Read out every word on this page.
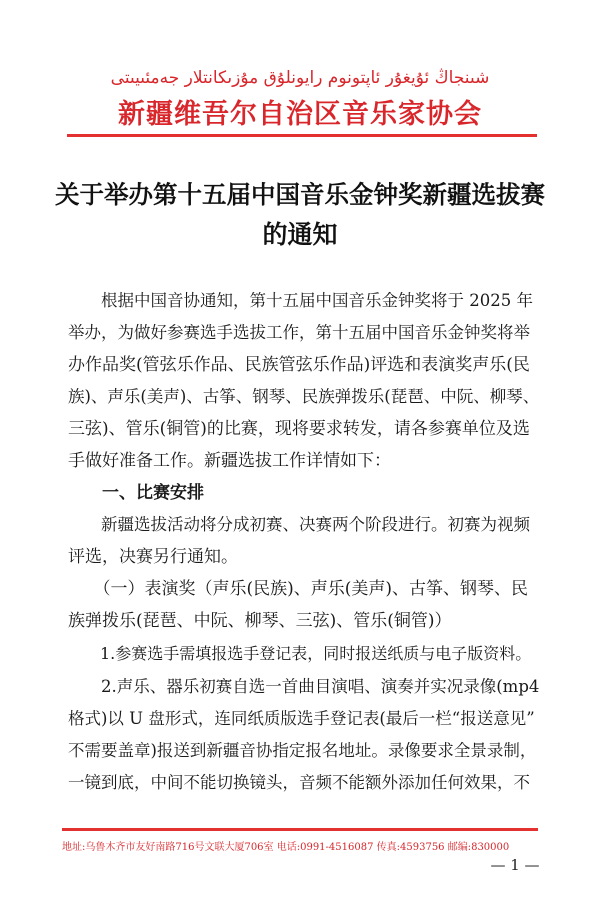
شىنجاڭ ئۇيغۇر ئاپتونوم رايونلۇق مۇزىكانتلار جەمئىيىتى
新疆维吾尔自治区音乐家协会
关于举办第十五届中国音乐金钟奖新疆选拔赛
的通知
　　根据中国音协通知，第十五届中国音乐金钟奖将于 2025 年
举办，为做好参赛选手选拔工作，第十五届中国音乐金钟奖将举
办作品奖(管弦乐作品、民族管弦乐作品)评选和表演奖声乐(民
族)、声乐(美声)、古筝、钢琴、民族弹拨乐(琵琶、中阮、柳琴、
三弦)、管乐(铜管)的比赛，现将要求转发，请各参赛单位及选
手做好准备工作。新疆选拔工作详情如下：
　　一、比赛安排
　　新疆选拔活动将分成初赛、决赛两个阶段进行。初赛为视频
评选，决赛另行通知。
　　（一）表演奖（声乐(民族)、声乐(美声)、古筝、钢琴、民
族弹拨乐(琵琶、中阮、柳琴、三弦)、管乐(铜管)）
　　1.参赛选手需填报选手登记表，同时报送纸质与电子版资料。
　　2.声乐、器乐初赛自选一首曲目演唱、演奏并实况录像(mp4
格式)以 U 盘形式，连同纸质版选手登记表(最后一栏“报送意见”
不需要盖章)报送到新疆音协指定报名地址。录像要求全景录制，
一镜到底，中间不能切换镜头，音频不能额外添加任何效果，不
地址:乌鲁木齐市友好南路716号文联大厦706室 电话:0991-4516087 传真:4593756 邮编:830000
— 1 —
